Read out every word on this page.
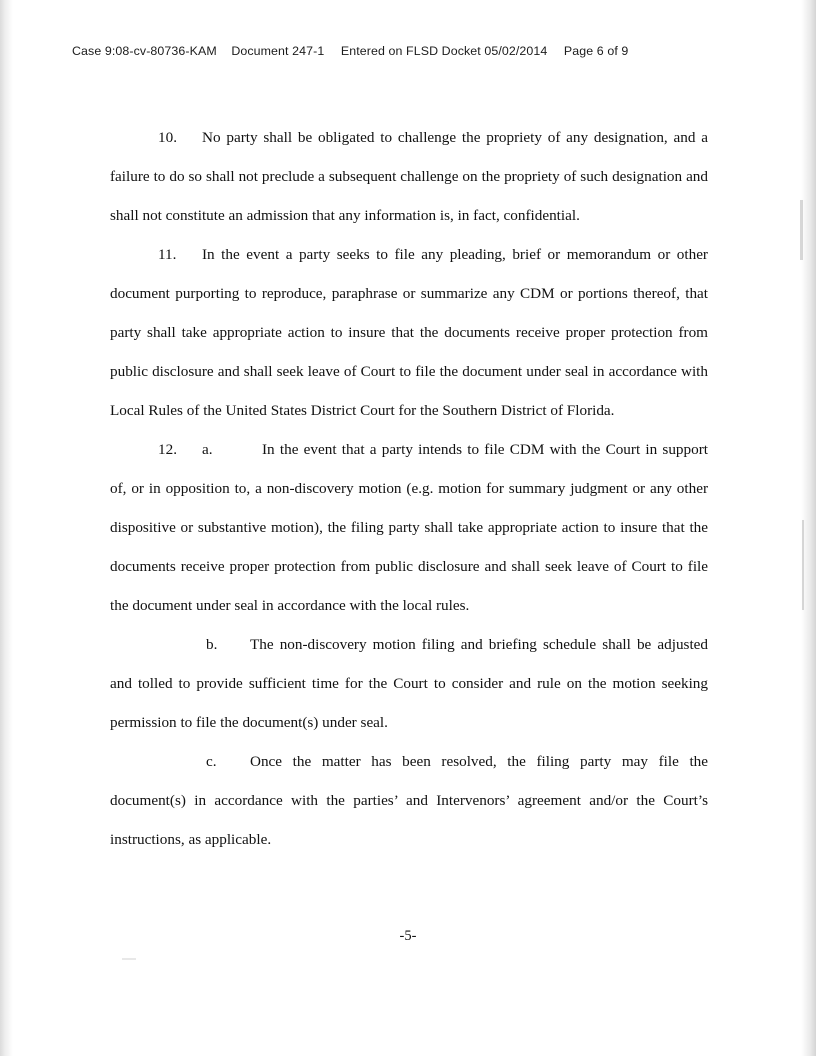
Case 9:08-cv-80736-KAM Document 247-1 Entered on FLSD Docket 05/02/2014 Page 6 of 9

10. No party shall be obligated to challenge the propriety of any designation, and a failure to do so shall not preclude a subsequent challenge on the propriety of such designation and shall not constitute an admission that any information is, in fact, confidential.

11. In the event a party seeks to file any pleading, brief or memorandum or other document purporting to reproduce, paraphrase or summarize any CDM or portions thereof, that party shall take appropriate action to insure that the documents receive proper protection from public disclosure and shall seek leave of Court to file the document under seal in accordance with Local Rules of the United States District Court for the Southern District of Florida.

12. a.	In the event that a party intends to file CDM with the Court in support of, or in opposition to, a non-discovery motion (e.g. motion for summary judgment or any other dispositive or substantive motion), the filing party shall take appropriate action to insure that the documents receive proper protection from public disclosure and shall seek leave of Court to file the document under seal in accordance with the local rules.

b. The non-discovery motion filing and briefing schedule shall be adjusted and tolled to provide sufficient time for the Court to consider and rule on the motion seeking permission to file the document(s) under seal.

c. Once the matter has been resolved, the filing party may file the document(s) in accordance with the parties’ and Intervenors’ agreement and/or the Court’s instructions, as applicable.

-5-
